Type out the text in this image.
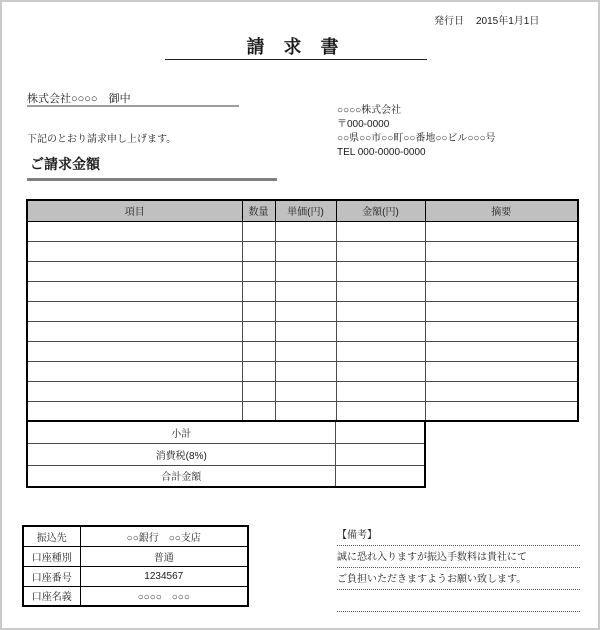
発行日 2015年1月1日
請 求 書
株式会社○○○○　御中
○○○○株式会社
〒000-0000
○○県○○市○○町○○番地○○ビル○○○号
TEL 000-0000-0000
下記のとおり請求申し上げます。
ご請求金額
項目	数量	単価(円)	金額(円)	摘要

小計	
消費税(8%)	
合計金額	
振込先	○○銀行　○○支店
口座種別	普通
口座番号	1234567
口座名義	○○○○　○○○
【備考】
誠に恐れ入りますが振込手数料は貴社にて
ご負担いただきますようお願い致します。
